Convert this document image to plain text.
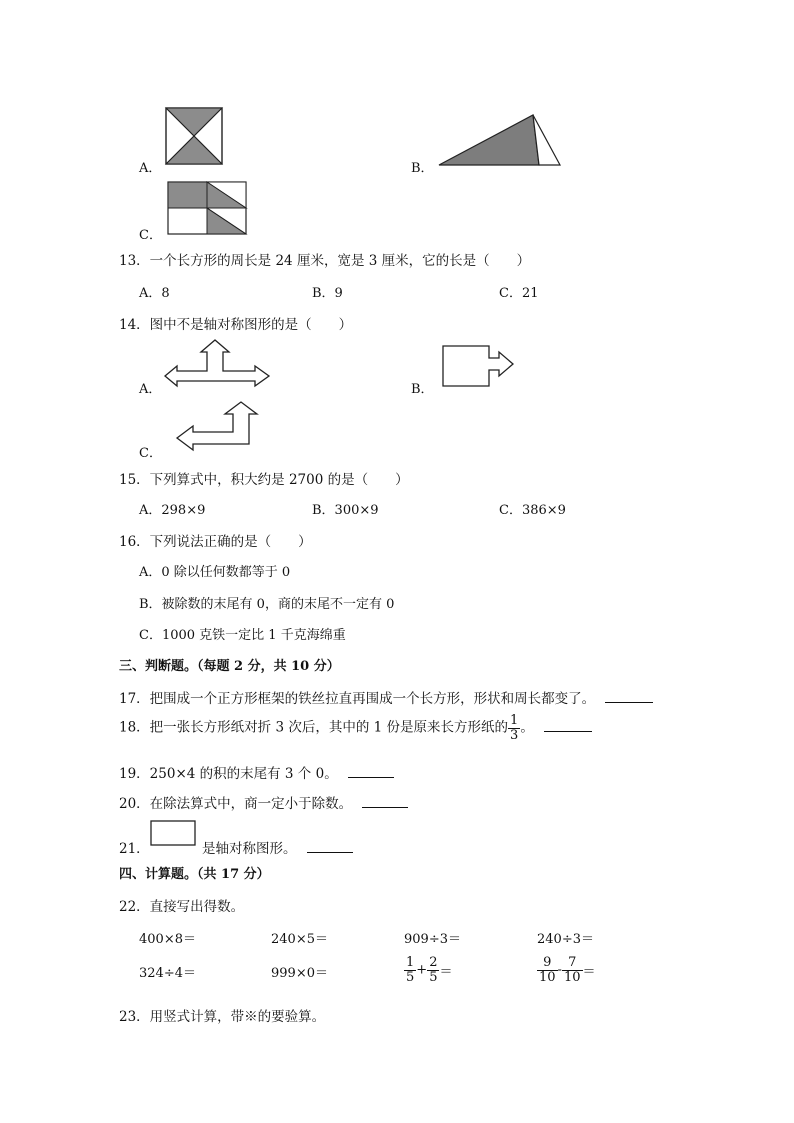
A．	B．
C．
13．一个长方形的周长是 24 厘米，宽是 3 厘米，它的长是（　　）
A．8	B．9	C．21
14．图中不是轴对称图形的是（　　）
A．	B．
C．
15．下列算式中，积大约是 2700 的是（　　）
A．298×9	B．300×9	C．386×9
16．下列说法正确的是（　　）
A．0 除以任何数都等于 0
B．被除数的末尾有 0，商的末尾不一定有 0
C．1000 克铁一定比 1 千克海绵重
三、判断题。（每题 2 分，共 10 分）
17．把围成一个正方形框架的铁丝拉直再围成一个长方形，形状和周长都变了。
18．把一张长方形纸对折 3 次后，其中的 1 份是原来长方形纸的 $\frac{1}{3}$ 。
19．250×4 的积的末尾有 3 个 0。
20．在除法算式中，商一定小于除数。
21．	是轴对称图形。
四、计算题。（共 17 分）
22．直接写出得数。
400×8＝	240×5＝	909÷3＝	240÷3＝
324÷4＝	999×0＝	$\frac{1}{5} + \frac{2}{5}$ ＝	$\frac{9}{10} - \frac{7}{10}$ ＝
23．用竖式计算，带※的要验算。
